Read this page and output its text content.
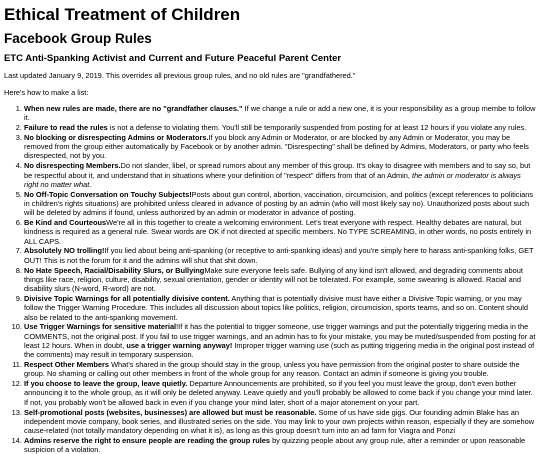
Ethical Treatment of Children
Facebook Group Rules
ETC Anti-Spanking Activist and Current and Future Peaceful Parent Center

Last updated January 9, 2019. This overrides all previous group rules, and no old rules are "grandfathered."

Here's how to make a list:

1. When new rules are made, there are no "grandfather clauses." If we change a rule or add a new one, it is your responsibility as a group membe to follow it.
2. Failure to read the rules is not a defense to violating them. You'll still be temporarily suspended from posting for at least 12 hours if you violate any rules.
3. No blocking or disrespecting Admins or Moderators.If you block any Admin or Moderator, or are blocked by any Admin or Moderator, you may be removed from the group either automatically by Facebook or by another admin. "Disrespecting" shall be defined by Admins, Moderators, or party who feels disrespected, not by you.
4. No disrespecting Members.Do not slander, libel, or spread rumors about any member of this group. It's okay to disagree with members and to say so, but be respectful about it, and understand that in situations where your definition of "respect" differs from that of an Admin, the admin or moderator is always right no matter what.
5. No Off-Topic Conversation on Touchy Subjects!Posts about gun control, abortion, vaccination, circumcision, and politics (except references to politicians in children's rights situations) are prohibited unless cleared in advance of posting by an admin (who will most likely say no). Unauthorized posts about such will be deleted by admins if found, unless authorized by an admin or moderator in advance of posting.
6. Be Kind and CourteousWe're all in this together to create a welcoming environment. Let's treat everyone with respect. Healthy debates are natural, but kindness is required as a general rule. Swear words are OK if not directed at specific members. No TYPE SCREAMING, in other words, no posts entirely in ALL CAPS.
7. Absolutely NO trolling!If you lied about being anti-spanking (or receptive to anti-spanking ideas) and you're simply here to harass anti-spanking folks, GET OUT! This is not the forum for it and the admins will shut that shit down.
8. No Hate Speech, Racial/Disability Slurs, or BullyingMake sure everyone feels safe. Bullying of any kind isn't allowed, and degrading comments about things like race, religion, culture, disability, sexual orientation, gender or identity will not be tolerated. For example, some swearing is allowed. Racial and disability slurs (N-word, R-word) are not.
9. Divisive Topic Warnings for all potentially divisive content. Anything that is potentially divisive must have either a Divisive Topic warning, or you may follow the Trigger Warning Procedure. This includes all discussion about topics like politics, religion, circumcision, sports teams, and so on. Content should also be related to the anti-spanking movement.
10. Use Trigger Warnings for sensitive material!If it has the potential to trigger someone, use trigger warnings and put the potentially triggering media in the COMMENTS, not the original post. If you fail to use trigger warnings, and an admin has to fix your mistake, you may be muted/suspended from posting for at least 12 hours. When in doubt, use a trigger warning anyway! Improper trigger warning use (such as putting triggering media in the original post instead of the comments) may result in temporary suspension.
11. Respect Other Members What's shared in the group should stay in the group, unless you have permission from the original poster to share outside the group. No shaming or calling out other members in front of the whole group for any reason. Contact an admin if someone is giving you trouble.
12. If you choose to leave the group, leave quietly. Departure Announcements are prohibited, so if you feel you must leave the group, don't even bother announcing it to the whole group, as it will only be deleted anyway. Leave quietly and you'll probably be allowed to come back if you change your mind later. If not, you probably won't be allowed back in even if you change your mind later, short of a major atonement on your part.
13. Self-promotional posts (websites, businesses) are allowed but must be reasonable. Some of us have side gigs. Our founding admin Blake has an independent movie company, book series, and illustrated series on the side. You may link to your own projects within reason, especially if they are somehow cause-related (not totally mandatory depending on what it is), as long as this group doesn't turn into an ad farm for Viagra and Ponzi
14. Admins reserve the right to ensure people are reading the group rules by quizzing people about any group rule, after a reminder or upon reasonable suspicion of a violation.
